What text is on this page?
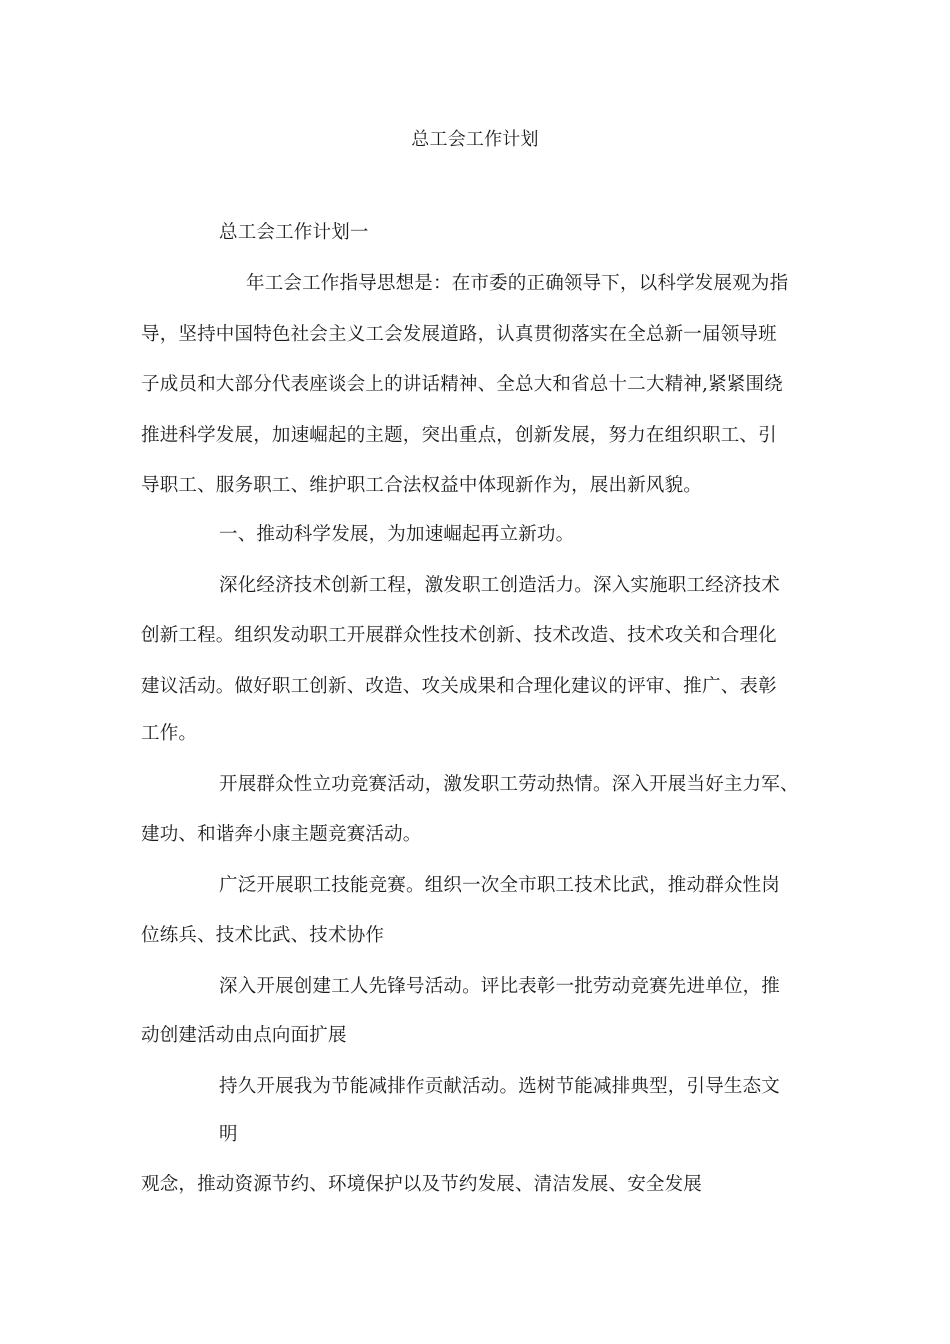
总工会工作计划
总工会工作计划一
年工会工作指导思想是：在市委的正确领导下，以科学发展观为指
导，坚持中国特色社会主义工会发展道路，认真贯彻落实在全总新一届领导班
子成员和大部分代表座谈会上的讲话精神、全总大和省总十二大精神,紧紧围绕
推进科学发展，加速崛起的主题，突出重点，创新发展，努力在组织职工、引
导职工、服务职工、维护职工合法权益中体现新作为，展出新风貌。
一、推动科学发展，为加速崛起再立新功。
深化经济技术创新工程，激发职工创造活力。深入实施职工经济技术
创新工程。组织发动职工开展群众性技术创新、技术改造、技术攻关和合理化
建议活动。做好职工创新、改造、攻关成果和合理化建议的评审、推广、表彰
工作。
开展群众性立功竞赛活动，激发职工劳动热情。深入开展当好主力军、
建功、和谐奔小康主题竞赛活动。
广泛开展职工技能竞赛。组织一次全市职工技术比武，推动群众性岗
位练兵、技术比武、技术协作
深入开展创建工人先锋号活动。评比表彰一批劳动竞赛先进单位，推
动创建活动由点向面扩展
持久开展我为节能减排作贡献活动。选树节能减排典型，引导生态文
明
观念，推动资源节约、环境保护以及节约发展、清洁发展、安全发展
